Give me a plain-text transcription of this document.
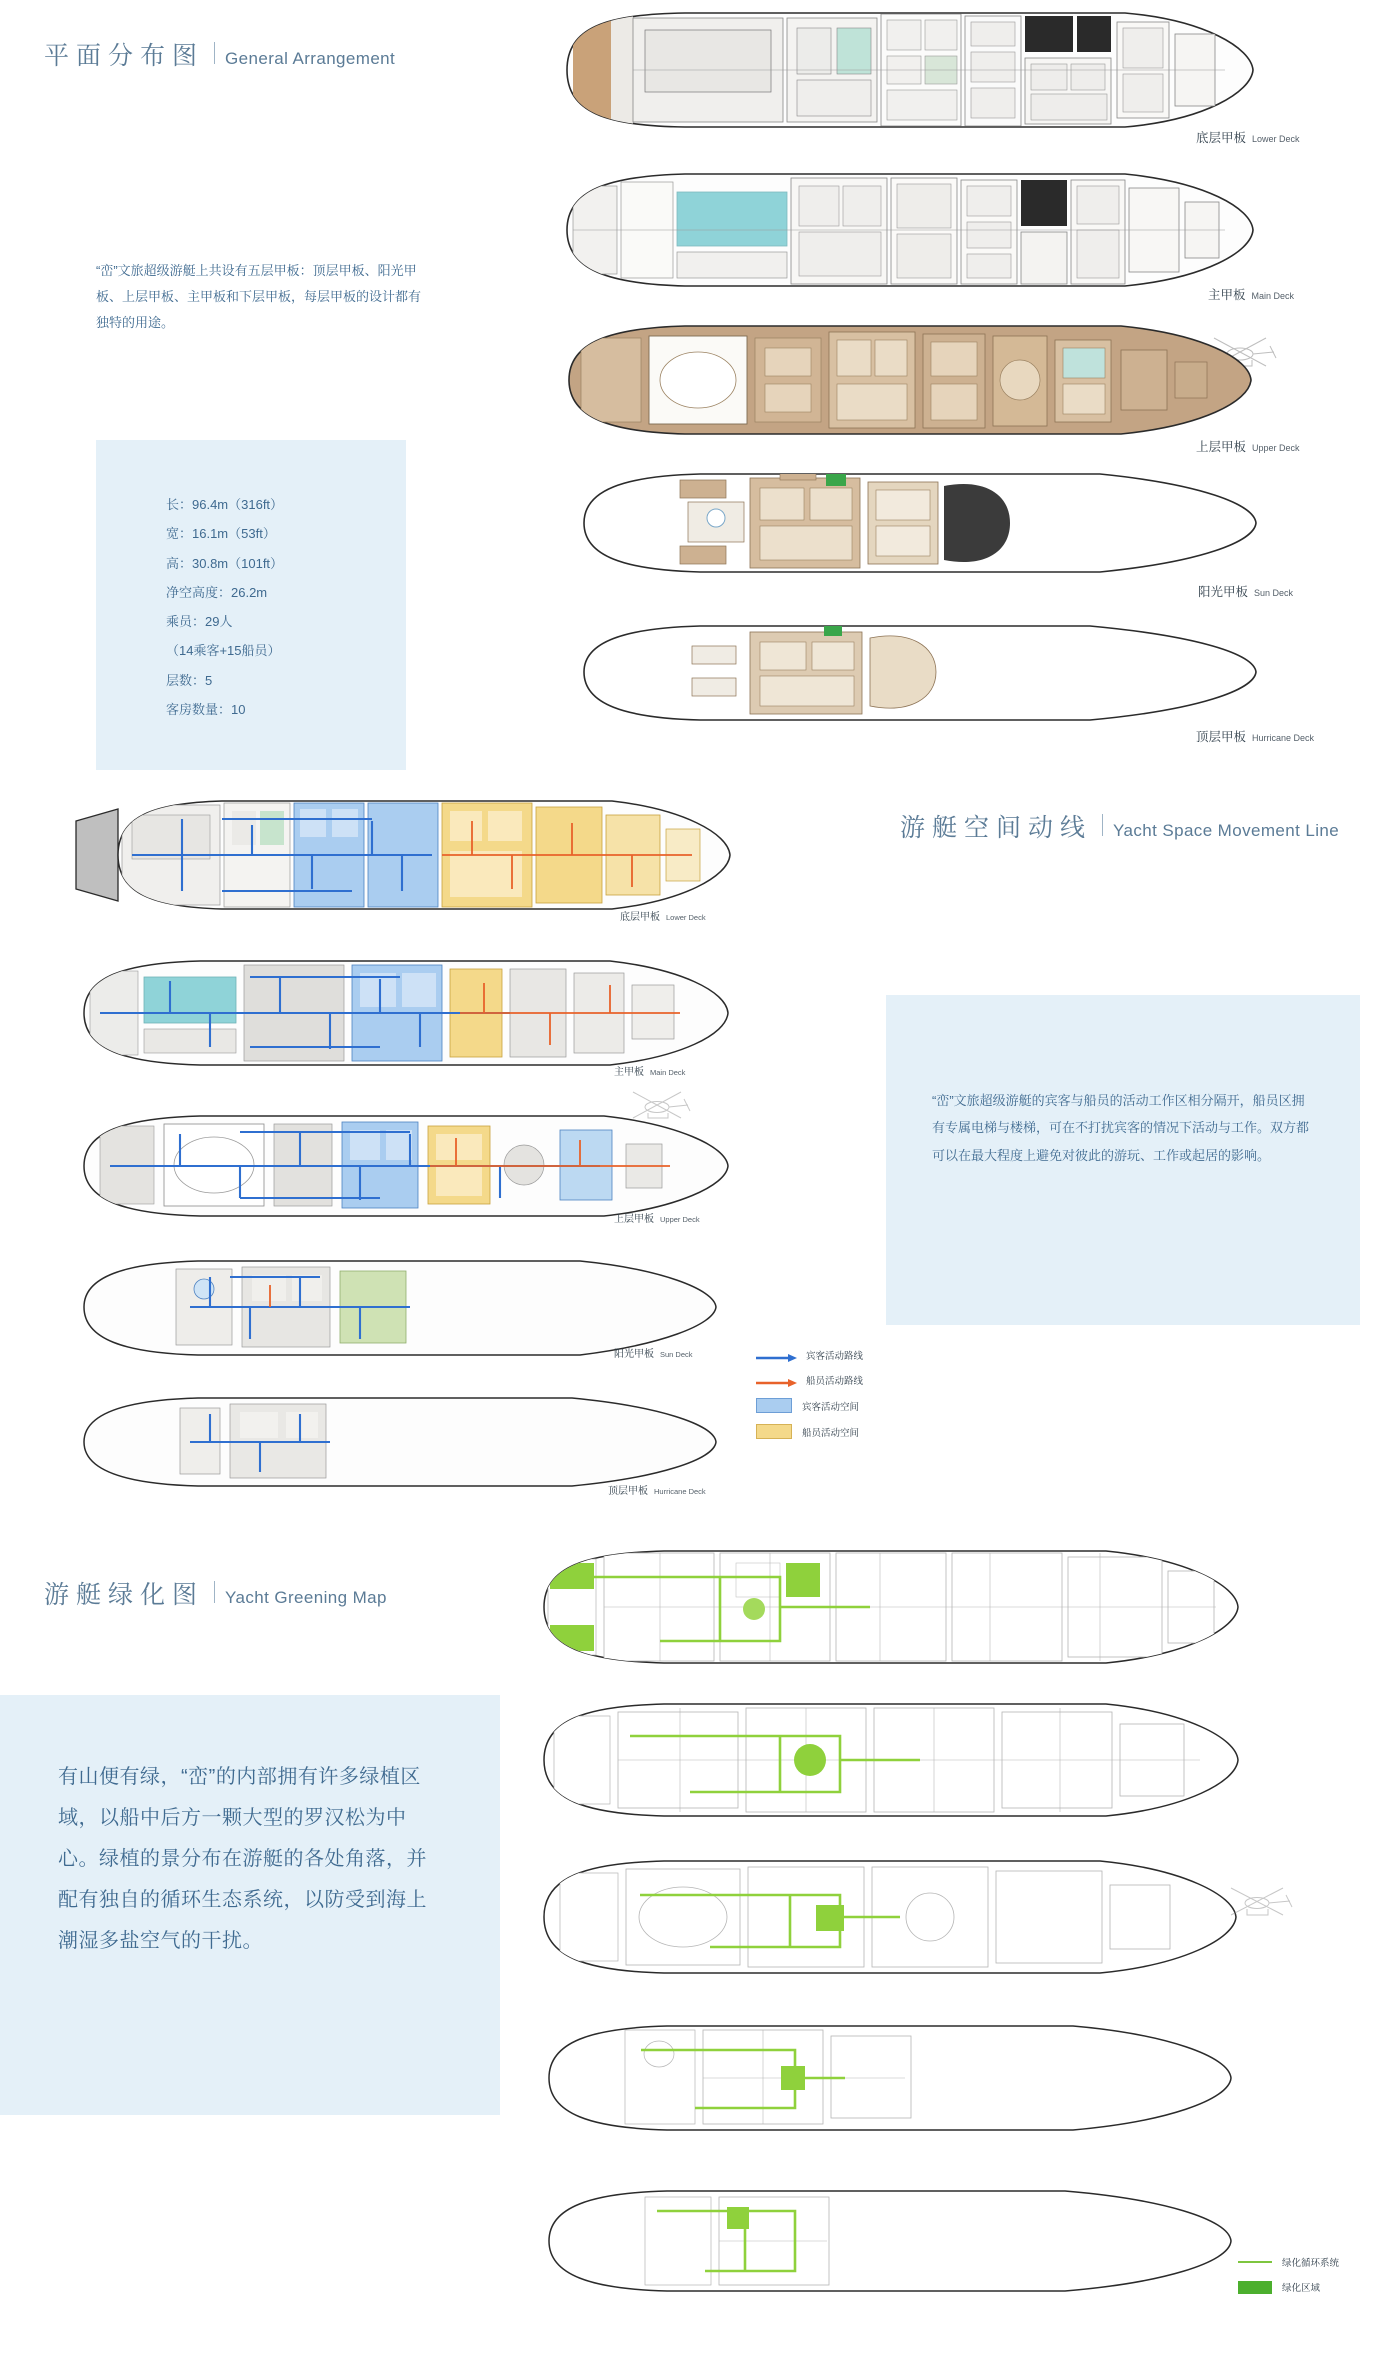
平面分布图 General Arrangement
“峦”文旅超级游艇上共设有五层甲板：顶层甲板、阳光甲板、上层甲板、主甲板和下层甲板，每层甲板的设计都有独特的用途。
长：96.4m（316ft）
宽：16.1m（53ft）
高：30.8m（101ft）
净空高度：26.2m
乘员：29人
（14乘客+15船员）
层数：5
客房数量：10
底层甲板 Lower Deck
主甲板 Main Deck
上层甲板 Upper Deck
阳光甲板 Sun Deck
顶层甲板 Hurricane Deck
游艇空间动线 Yacht Space Movement Line
“峦”文旅超级游艇的宾客与船员的活动工作区相分隔开，船员区拥有专属电梯与楼梯，可在不打扰宾客的情况下活动与工作。双方都可以在最大程度上避免对彼此的游玩、工作或起居的影响。
底层甲板 Lower Deck
主甲板 Main Deck
上层甲板 Upper Deck
阳光甲板 Sun Deck
顶层甲板 Hurricane Deck
宾客活动路线
船员活动路线
宾客活动空间
船员活动空间
游艇绿化图 Yacht Greening Map
有山便有绿，“峦”的内部拥有许多绿植区域，以船中后方一颗大型的罗汉松为中心。绿植的景分布在游艇的各处角落，并配有独自的循环生态系统，以防受到海上潮湿多盐空气的干扰。
绿化循环系统
绿化区域
